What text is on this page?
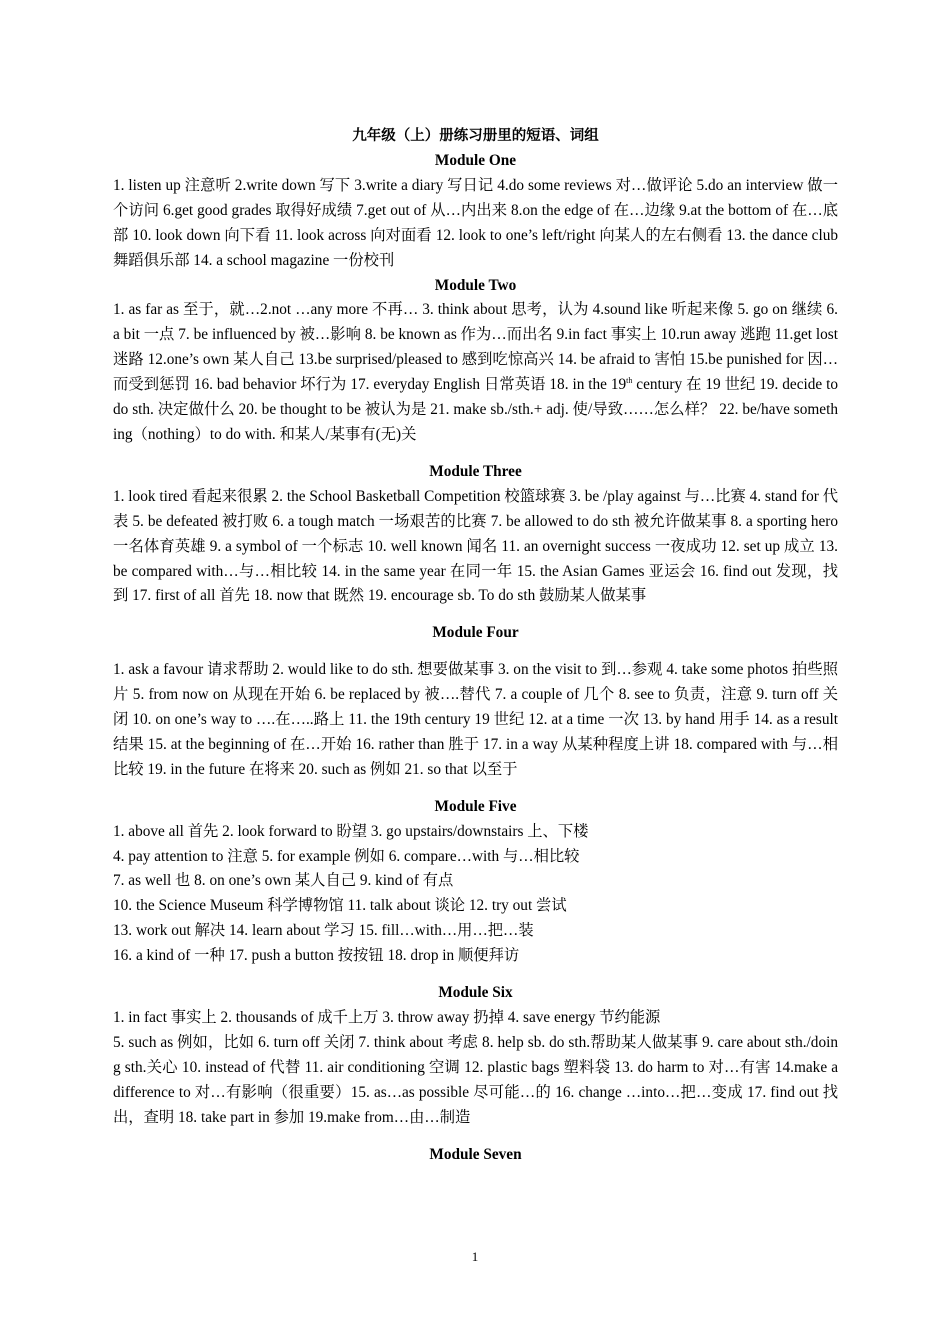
九年级（上）册练习册里的短语、词组

Module One

1. listen up 注意听 2.write down 写下 3.write a diary 写日记 4.do some reviews 对…做评论 5.do an interview 做一个访问 6.get good grades 取得好成绩 7.get out of 从…内出来 8.on the edge of 在…边缘 9.at the bottom of 在…底部 10. look down 向下看 11. look across 向对面看 12. look to one’s left/right 向某人的左右侧看 13. the dance club 舞蹈俱乐部 14. a school magazine 一份校刊

Module Two

1. as far as 至于，就…2.not …any more 不再… 3. think about 思考，认为 4.sound like 听起来像 5. go on 继续 6. a bit 一点 7. be influenced by 被…影响 8. be known as 作为…而出名 9.in fact 事实上 10.run away 逃跑 11.get lost 迷路 12.one’s own 某人自己 13.be surprised/pleased to 感到吃惊高兴 14. be afraid to 害怕 15.be punished for 因…而受到惩罚 16. bad behavior 坏行为 17. everyday English 日常英语 18. in the 19th century 在 19 世纪 19. decide to do sth. 决定做什么 20. be thought to be 被认为是 21. make sb./sth.+ adj. 使/导致……怎么样？ 22. be/have something（nothing）to do with. 和某人/某事有(无)关

Module Three

1. look tired 看起来很累 2. the School Basketball Competition 校篮球赛 3. be /play against 与…比赛 4. stand for 代表 5. be defeated 被打败 6. a tough match 一场艰苦的比赛 7. be allowed to do sth 被允许做某事 8. a sporting hero 一名体育英雄 9. a symbol of 一个标志 10. well known 闻名 11. an overnight success 一夜成功 12. set up 成立 13. be compared with…与…相比较 14. in the same year 在同一年 15. the Asian Games 亚运会 16. find out 发现，找到 17. first of all 首先 18. now that 既然 19. encourage sb. To do sth 鼓励某人做某事

Module Four

1. ask a favour 请求帮助 2. would like to do sth. 想要做某事 3. on the visit to 到…参观 4. take some photos 拍些照片 5. from now on 从现在开始 6. be replaced by 被….替代 7. a couple of 几个 8. see to 负责，注意 9. turn off 关闭 10. on one’s way to ….在…..路上 11. the 19th century 19 世纪 12. at a time 一次 13. by hand 用手 14. as a result 结果 15. at the beginning of 在…开始 16. rather than 胜于 17. in a way 从某种程度上讲 18. compared with 与…相比较 19. in the future 在将来 20. such as 例如 21. so that 以至于

Module Five

1. above all 首先 2. look forward to 盼望 3. go upstairs/downstairs 上、下楼

4. pay attention to 注意 5. for example 例如 6. compare…with 与…相比较

7. as well 也 8. on one’s own 某人自己 9. kind of 有点

10. the Science Museum 科学博物馆 11. talk about 谈论 12. try out 尝试

13. work out 解决 14. learn about 学习 15. fill…with…用…把…装

16. a kind of 一种 17. push a button 按按钮 18. drop in 顺便拜访

Module Six

1. in fact 事实上 2. thousands of 成千上万 3. throw away 扔掉 4. save energy 节约能源

5. such as 例如，比如 6. turn off 关闭 7. think about 考虑 8. help sb. do sth.帮助某人做某事 9. care about sth./doing sth.关心 10. instead of 代替 11. air conditioning 空调 12. plastic bags 塑料袋 13. do harm to 对…有害 14.make a difference to 对…有影响（很重要）15. as…as possible 尽可能…的 16. change …into…把…变成 17. find out 找出，查明 18. take part in 参加 19.make from…由…制造

Module Seven

1
